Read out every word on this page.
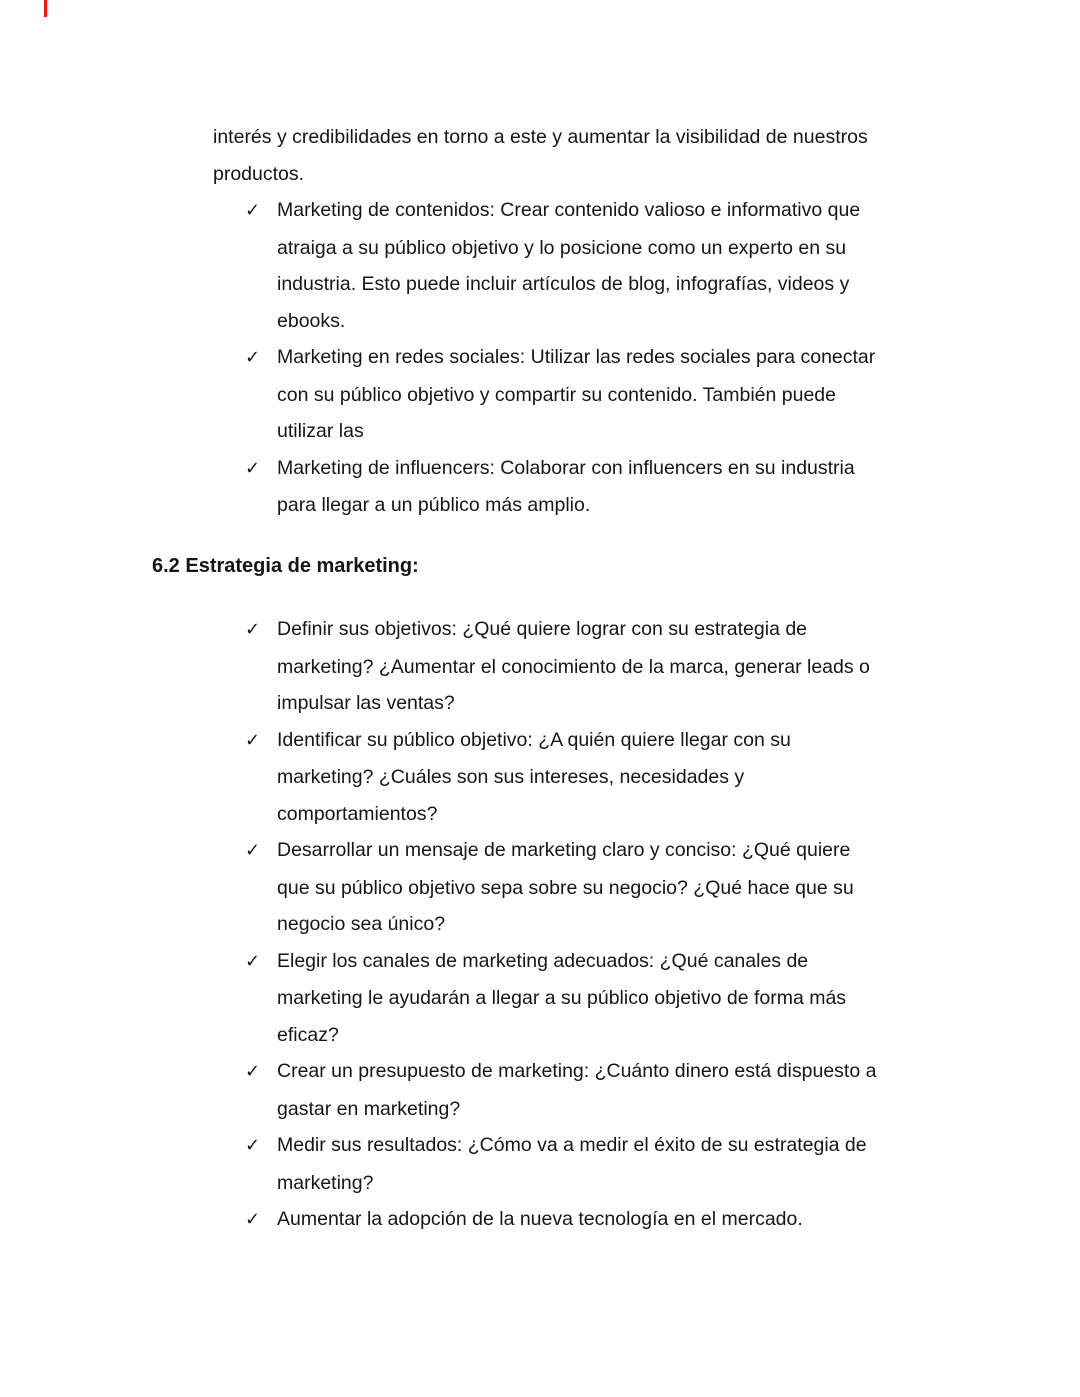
interés y credibilidades en torno a este y aumentar la visibilidad de nuestros
productos.
✓ Marketing de contenidos: Crear contenido valioso e informativo que
atraiga a su público objetivo y lo posicione como un experto en su
industria. Esto puede incluir artículos de blog, infografías, videos y
ebooks.
✓ Marketing en redes sociales: Utilizar las redes sociales para conectar
con su público objetivo y compartir su contenido. También puede
utilizar las
✓ Marketing de influencers: Colaborar con influencers en su industria
para llegar a un público más amplio.
6.2 Estrategia de marketing:
✓ Definir sus objetivos: ¿Qué quiere lograr con su estrategia de
marketing? ¿Aumentar el conocimiento de la marca, generar leads o
impulsar las ventas?
✓ Identificar su público objetivo: ¿A quién quiere llegar con su
marketing? ¿Cuáles son sus intereses, necesidades y
comportamientos?
✓ Desarrollar un mensaje de marketing claro y conciso: ¿Qué quiere
que su público objetivo sepa sobre su negocio? ¿Qué hace que su
negocio sea único?
✓ Elegir los canales de marketing adecuados: ¿Qué canales de
marketing le ayudarán a llegar a su público objetivo de forma más
eficaz?
✓ Crear un presupuesto de marketing: ¿Cuánto dinero está dispuesto a
gastar en marketing?
✓ Medir sus resultados: ¿Cómo va a medir el éxito de su estrategia de
marketing?
✓ Aumentar la adopción de la nueva tecnología en el mercado.
